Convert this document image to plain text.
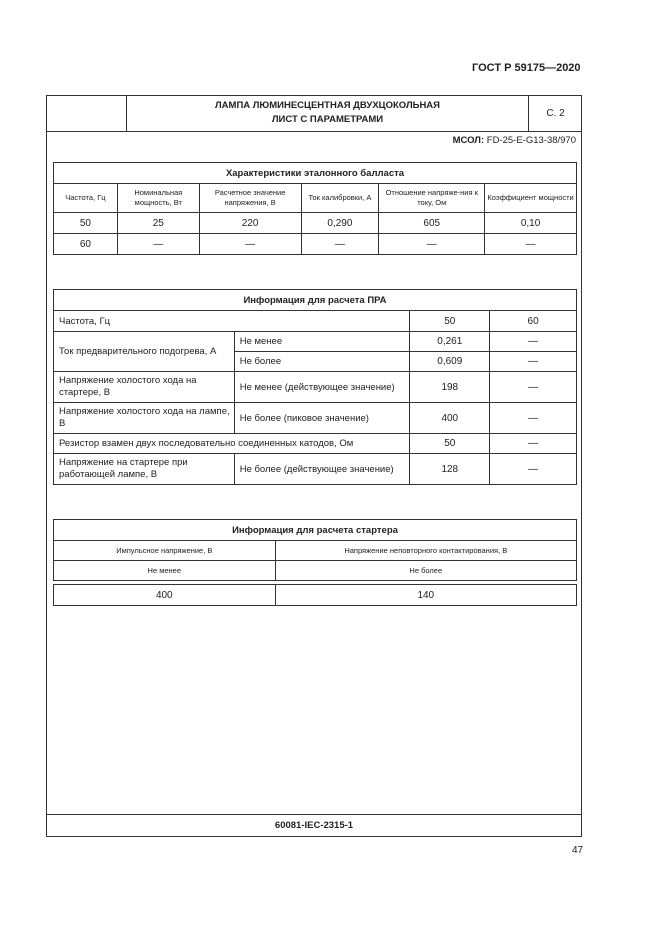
ГОСТ Р 59175—2020
ЛАМПА ЛЮМИНЕСЦЕНТНАЯ ДВУХЦОКОЛЬНАЯ
ЛИСТ С ПАРАМЕТРАМИ
С. 2
МСОЛ: FD-25-E-G13-38/970
Характеристики эталонного балласта					
Частота, Гц	Номинальная мощность, Вт	Расчетное значение напряжения, В	Ток калибровки, А	Отношение напряже-ния к току, Ом	Коэффициент мощности
50	25	220	0,290	605	0,10
60	—	—	—	—	—
Информация для расчета ПРА			
Частота, Гц		50	60
Ток предварительного подогрева, А	Не менее	0,261	—
	Не более	0,609	—
Напряжение холостого хода на стартере, В	Не менее (действующее значение)	198	—
Напряжение холостого хода на лампе, В	Не более (пиковое значение)	400	—
Резистор взамен двух последовательно соединенных катодов, Ом		50	—
Напряжение на стартере при работающей лампе, В	Не более (действующее значение)	128	—
Информация для расчета стартера	
Импульсное напряжение, В	Напряжение неповторного контактирования, В
Не менее	Не более

400	140
60081-IEC-2315-1
47
